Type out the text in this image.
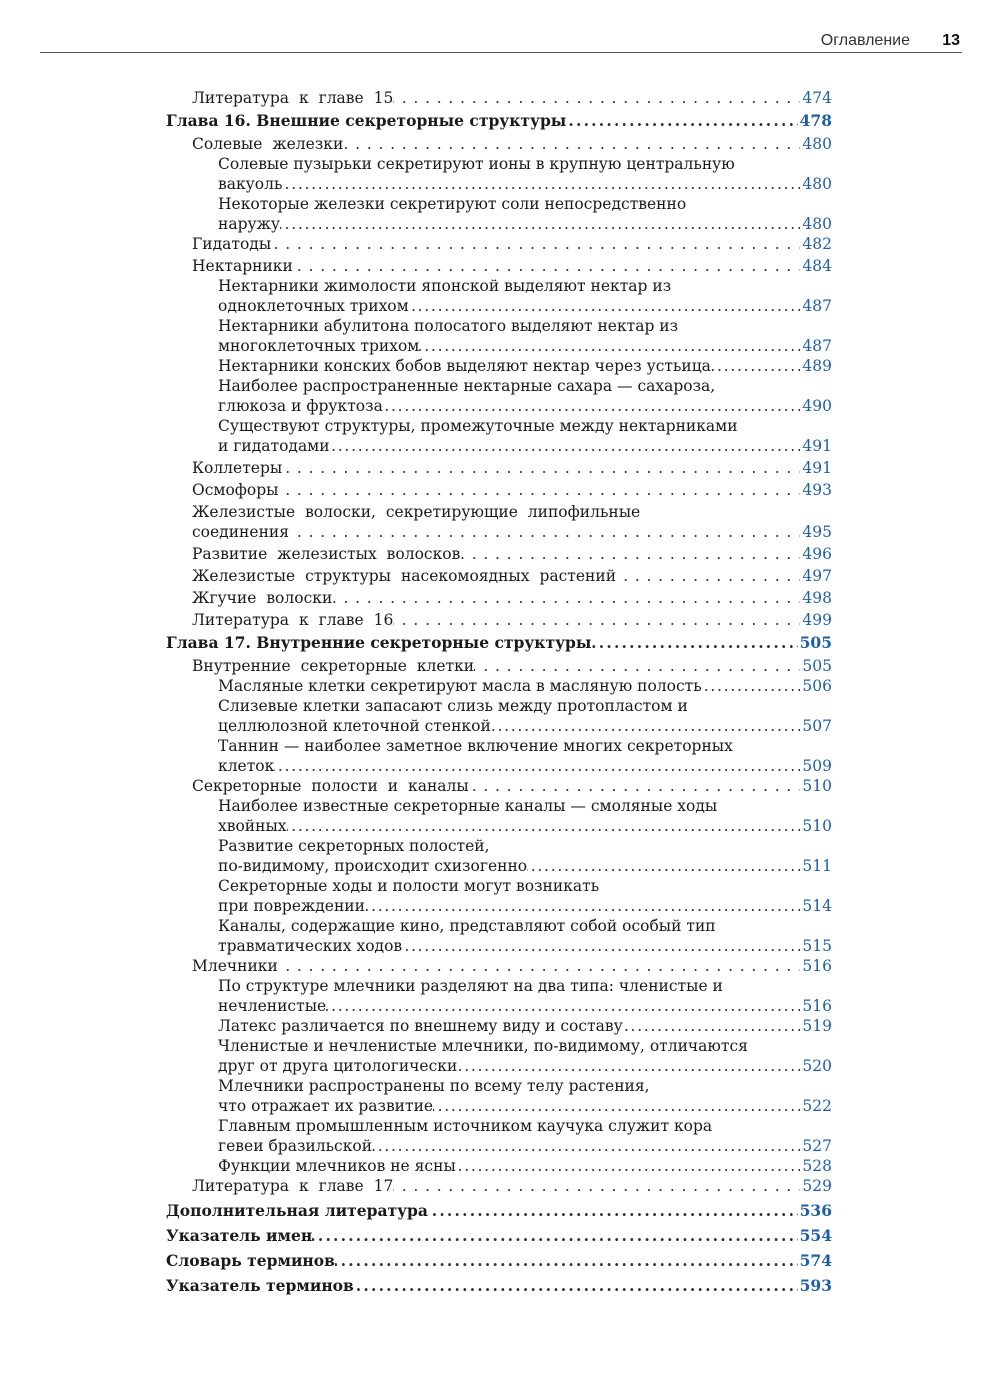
Оглавление 13
. . . Литература к главе 15	474
. . . Глава 16. Внешние секреторные структуры	478
. . . Солевые железки	480
Солевые пузырьки секретируют ионы в крупную центральную
. . . вакуоль	480
Некоторые железки секретируют соли непосредственно
. . . наружу	480
. . . Гидатоды	482
. . . Нектарники	484
Нектарники жимолости японской выделяют нектар из
. . . одноклеточных трихом	487
Нектарники абулитона полосатого выделяют нектар из
. . . многоклеточных трихом	487
. . . Нектарники конских бобов выделяют нектар через устьица	489
Наиболее распространенные нектарные сахара — сахароза,
. . . глюкоза и фруктоза	490
Существуют структуры, промежуточные между нектарниками
. . . и гидатодами	491
. . . Коллетеры	491
. . . Осмофоры	493
Железистые волоски, секретирующие липофильные
. . . соединения	495
. . . Развитие железистых волосков	496
. . . Железистые структуры насекомоядных растений	497
. . . Жгучие волоски	498
. . . Литература к главе 16	499
. . . Глава 17. Внутренние секреторные структуры	505
. . . Внутренние секреторные клетки	505
. . . Масляные клетки секретируют масла в масляную полость	506
Слизевые клетки запасают слизь между протопластом и
. . . целлюлозной клеточной стенкой	507
Таннин — наиболее заметное включение многих секреторных
. . . клеток	509
. . . Секреторные полости и каналы	510
Наиболее известные секреторные каналы — смоляные ходы
. . . хвойных	510
Развитие секреторных полостей,
. . . по-видимому, происходит схизогенно	511
Секреторные ходы и полости могут возникать
. . . при повреждении	514
Каналы, содержащие кино, представляют собой особый тип
. . . травматических ходов	515
. . . Млечники	516
По структуре млечники разделяют на два типа: членистые и
. . . нечленистые	516
. . . Латекс различается по внешнему виду и составу	519
Членистые и нечленистые млечники, по-видимому, отличаются
. . . друг от друга цитологически	520
Млечники распространены по всему телу растения,
. . . что отражает их развитие	522
Главным промышленным источником каучука служит кора
. . . гевеи бразильской	527
. . . Функции млечников не ясны	528
. . . Литература к главе 17	529
. . . Дополнительная литература	536
. . . Указатель имен	554
. . . Словарь терминов	574
. . . Указатель терминов	593
